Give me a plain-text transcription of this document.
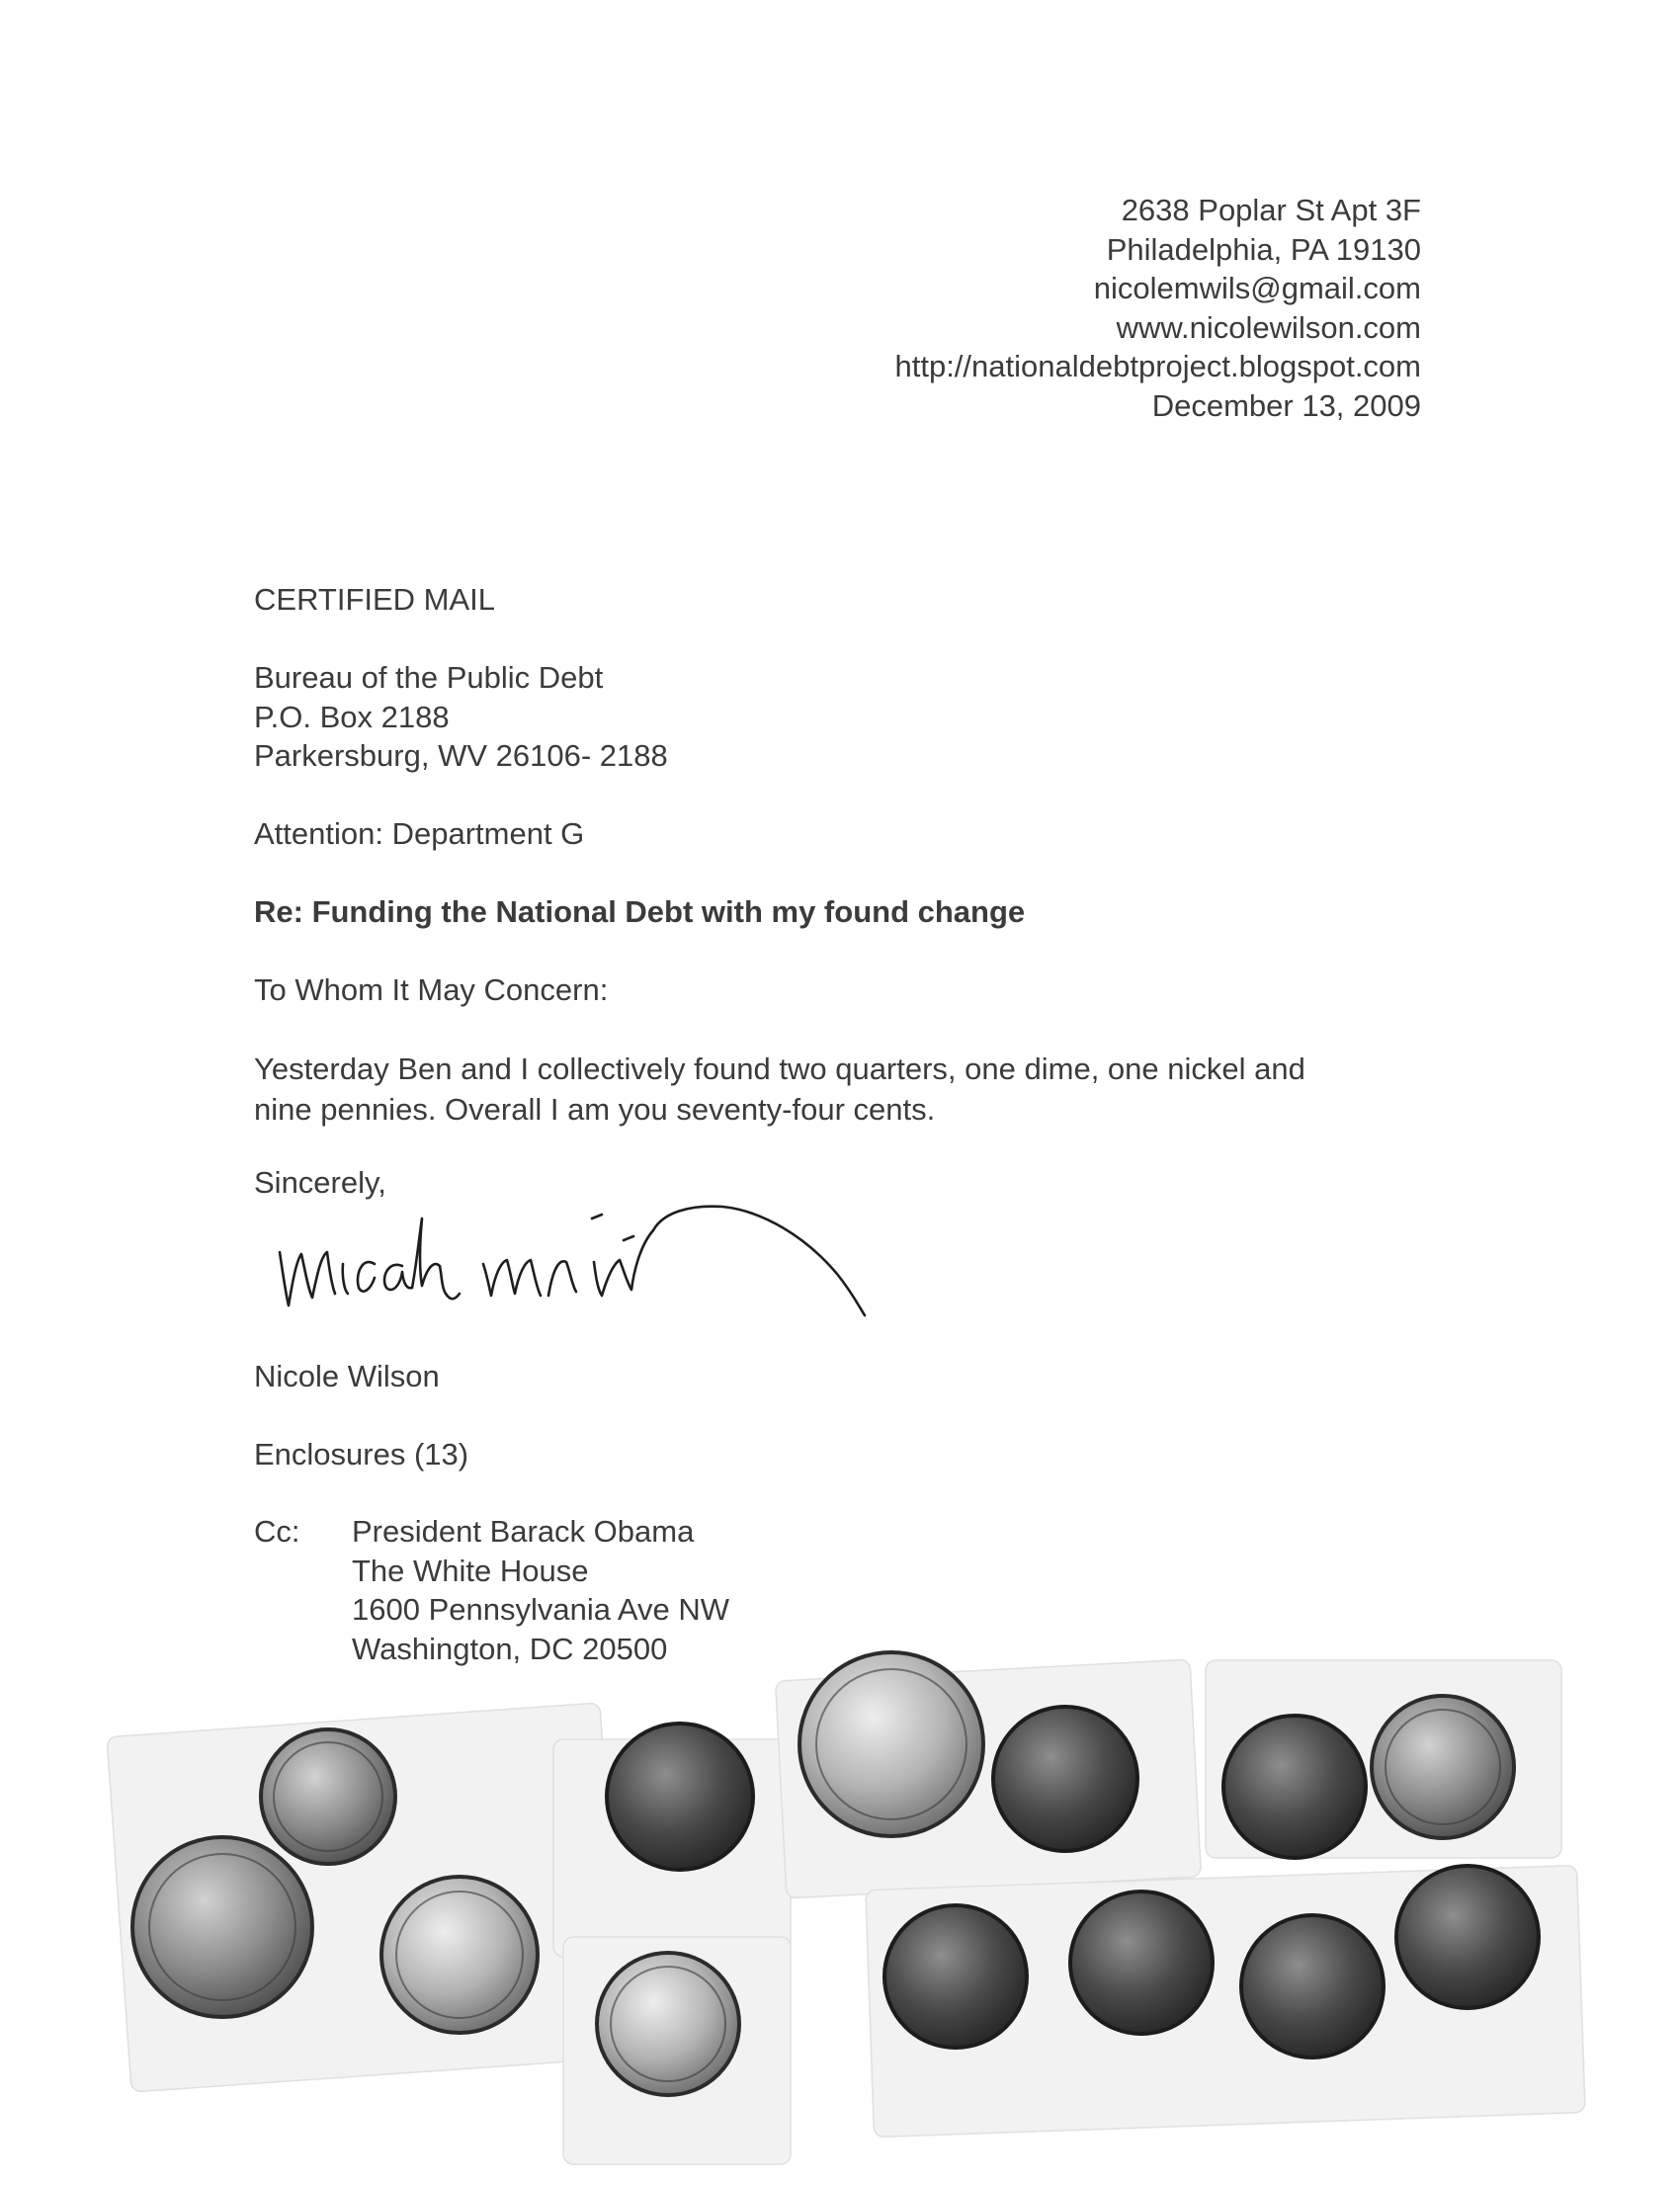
2638 Poplar St Apt 3F
Philadelphia, PA 19130
nicolemwils@gmail.com
www.nicolewilson.com
http://nationaldebtproject.blogspot.com
December 13, 2009
CERTIFIED MAIL
Bureau of the Public Debt
P.O. Box 2188
Parkersburg, WV 26106- 2188
Attention: Department G
Re: Funding the National Debt with my found change
To Whom It May Concern:
Yesterday Ben and I collectively found two quarters, one dime, one nickel and
nine pennies. Overall I am you seventy-four cents.
Sincerely,
Nicole Wilson
Enclosures (13)
Cc: President Barack Obama
The White House
1600 Pennsylvania Ave NW
Washington, DC 20500
